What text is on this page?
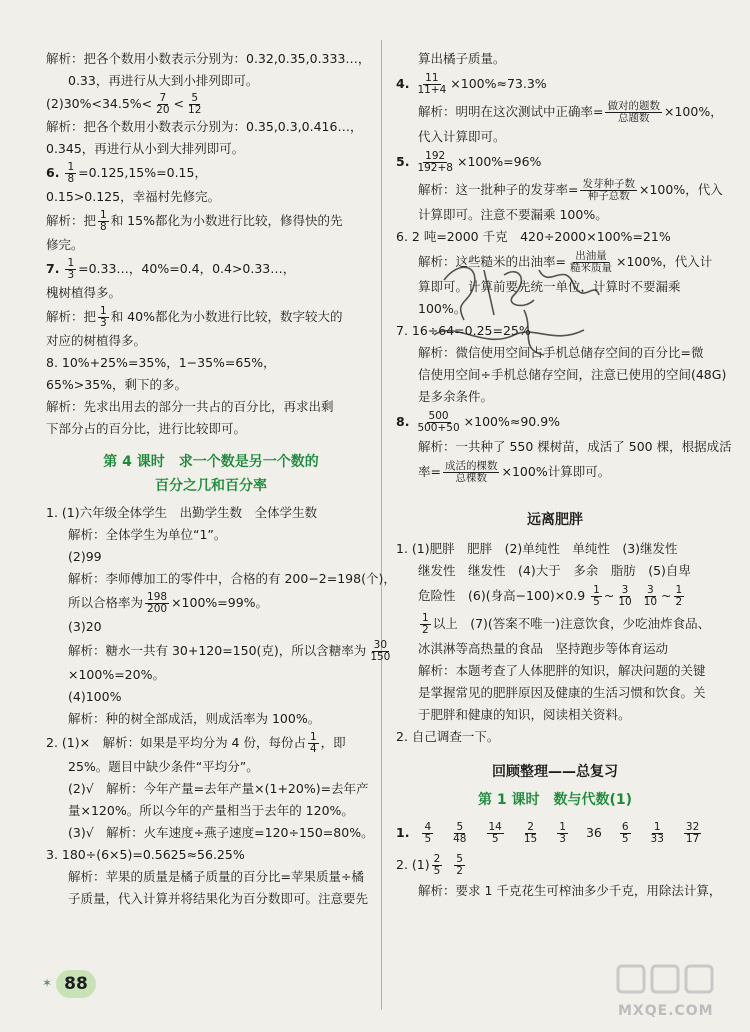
解析：把各个数用小数表示分别为：0.32,0.35,0.333…，
0.33，再进行从大到小排列即可。
$(2)30\%<34.5\%< \frac{7}{20} < \frac{5}{12}$
解析：把各个数用小数表示分别为：0.35,0.3,0.416…，
0.345，再进行从小到大排列即可。
6. $\frac{1}{8} =0.125,15\%=0.15$，
0.15>0.125，幸福村先修完。
解析：把 $\frac{1}{8}$ 和 15%都化为小数进行比较，修得快的先
修完。
7. $\frac{1}{3}$ =0.33…，40%=0.4，0.4>0.33…，
槐树植得多。
解析：把 $\frac{1}{3}$ 和 40%都化为小数进行比较，数字较大的
对应的树植得多。
8. 10%+25%=35%，1−35%=65%，
65%>35%，剩下的多。
解析：先求出用去的部分一共占的百分比，再求出剩
下部分占的百分比，进行比较即可。
第 4 课时　求一个数是另一个数的
百分之几和百分率
1. (1)六年级全体学生　出勤学生数　全体学生数
解析：全体学生为单位“1”。
(2)99
解析：李师傅加工的零件中，合格的有 200−2=198(个)，
所以合格率为 $\frac{198}{200} \times 100\%=99\%$。
(3)20
解析：糖水一共有 30+120=150(克)，所以含糖率为 $\frac{30}{150}$
×100%=20%。
(4)100%
解析：种的树全部成活，则成活率为 100%。
2. (1)×　解析：如果是平均分为 4 份，每份占 $\frac{1}{4}$ ，即
25%。题目中缺少条件“平均分”。
(2)√　解析：今年产量=去年产量×(1+20%)=去年产
量×120%。所以今年的产量相当于去年的 120%。
(3)√　解析：火车速度÷燕子速度=120÷150=80%。
3. 180÷(6×5)=0.5625≈56.25%
解析：苹果的质量是橘子质量的百分比=苹果质量÷橘
子质量，代入计算并将结果化为百分数即可。注意要先
算出橘子质量。
4. $\frac{11}{11+4} \times 100\%\approx 73.3\%$
解析：明明在这次测试中正确率= $\frac{\text{做对的题数}}{\text{总题数}} \times 100\%$，
代入计算即可。
5. $\frac{192}{192+8} \times 100\%=96\%$
解析：这一批种子的发芽率= $\frac{\text{发芽种子数}}{\text{种子总数}} \times 100\%$，代入
计算即可。注意不要漏乘 100%。
6. 2 吨=2000 千克　420÷2000×100%=21%
解析：这些糙米的出油率= $\frac{\text{出油量}}{\text{糙米质量}} \times 100\%$，代入计
算即可。计算前要先统一单位，计算时不要漏乘
100%。
7. 16÷64=0.25=25%
解析：微信使用空间占手机总储存空间的百分比=微
信使用空间÷手机总储存空间，注意已使用的空间(48G)
是多余条件。
8. $\frac{500}{500+50} \times 100\%\approx 90.9\%$
解析：一共种了 550 棵树苗，成活了 500 棵，根据成活
率= $\frac{\text{成活的棵数}}{\text{总棵数}} \times 100\%$计算即可。
远离肥胖
1. (1)肥胖　肥胖　(2)单纯性　单纯性　(3)继发性
继发性　继发性　(4)大于　多余　脂肪　(5)自卑
危险性　(6)(身高$-100)\times 0.9 \frac{1}{5}$ ~ $\frac{3}{10}$
$\frac{3}{10}$ ~ $\frac{1}{2}$
$\frac{1}{2}$ 以上　(7)(答案不唯一)注意饮食，少吃油炸食品、
冰淇淋等高热量的食品　坚持跑步等体育运动
解析：本题考查了人体肥胖的知识，解决问题的关键
是掌握常见的肥胖原因及健康的生活习惯和饮食。关
于肥胖和健康的知识，阅读相关资料。
2. 自己调查一下。
回顾整理——总复习
第 1 课时　数与代数(1)
1. $\frac{4}{5} \frac{5}{48} \frac{14}{5} \frac{2}{15} \frac{1}{3} 36 \frac{6}{5} \frac{1}{33} \frac{32}{17}$
2. $(1) \frac{2}{5}$
$\frac{5}{2}$
解析：要求 1 千克花生可榨油多少千克，用除法计算，
✶ 88
MXQE.COM
